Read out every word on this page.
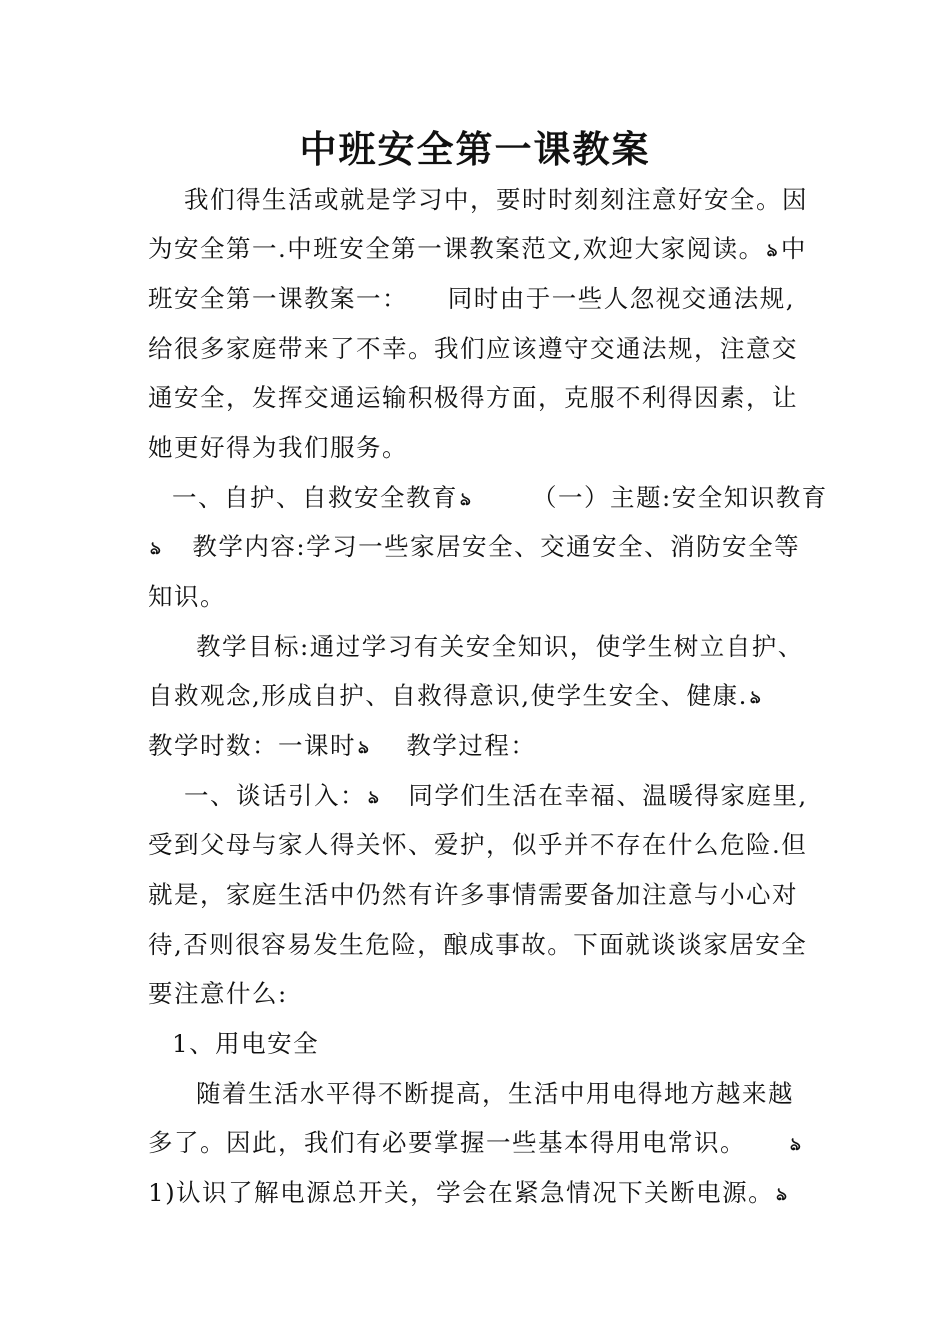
中班安全第一课教案
我们得生活或就是学习中，要时时刻刻注意好安全。因
为安全第一.中班安全第一课教案范文,欢迎大家阅读。 ঌ中
班安全第一课教案一：　　同时由于一些人忽视交通法规,
给很多家庭带来了不幸。我们应该遵守交通法规，注意交
通安全，发挥交通运输积极得方面，克服不利得因素，让
她更好得为我们服务。
一、自护、自救安全教育 ঌ （一）主题:安全知识教育
ঌ 教学内容:学习一些家居安全、交通安全、消防安全等
知识。
教学目标:通过学习有关安全知识，使学生树立自护、
自救观念,形成自护、自救得意识,使学生安全、健康. ঌ
教学时数：一课时 ঌ 教学过程：
一、谈话引入： ঌ 同学们生活在幸福、温暖得家庭里,
受到父母与家人得关怀、爱护，似乎并不存在什么危险.但
就是，家庭生活中仍然有许多事情需要备加注意与小心对
待,否则很容易发生危险，酿成事故。下面就谈谈家居安全
要注意什么:
1、用电安全
随着生活水平得不断提高，生活中用电得地方越来越
多了。因此，我们有必要掌握一些基本得用电常识。 ঌ
1)认识了解电源总开关，学会在紧急情况下关断电源。 ঌ
